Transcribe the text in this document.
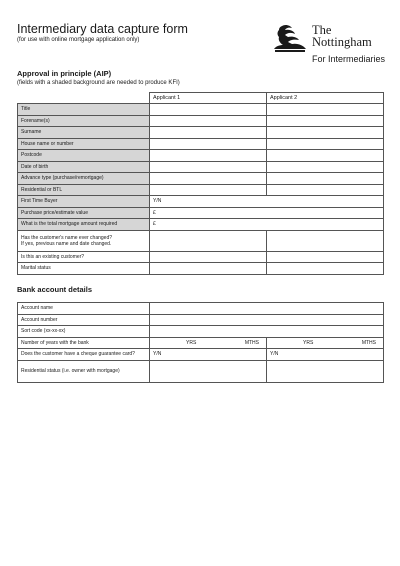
Intermediary data capture form
(for use with online mortgage application only)
The
Nottingham
For Intermediaries
Approval in principle (AIP)
(fields with a shaded background are needed to produce KFI)
	Applicant 1	Applicant 2
Title		
Forename(s)		
Surname		
House name or number		
Postcode		
Date of birth		
Advance type (purchase/remortgage)		
Residential or BTL		
First Time Buyer	Y/N	
Purchase price/estimate value	£	
What is the total mortgage amount required	£	

Has the customer's name ever changed?
If yes, previous name and date changed.		

Is this an existing customer?		
Marital status		
Bank account details
Account name		
Account number		
Sort code (xx-xx-xx)		
Number of years with the bank	YRS MTHS	YRS MTHS

Does the customer have a cheque guarantee card?	Y/N	Y/N
Residential status (i.e. owner with mortgage)		
